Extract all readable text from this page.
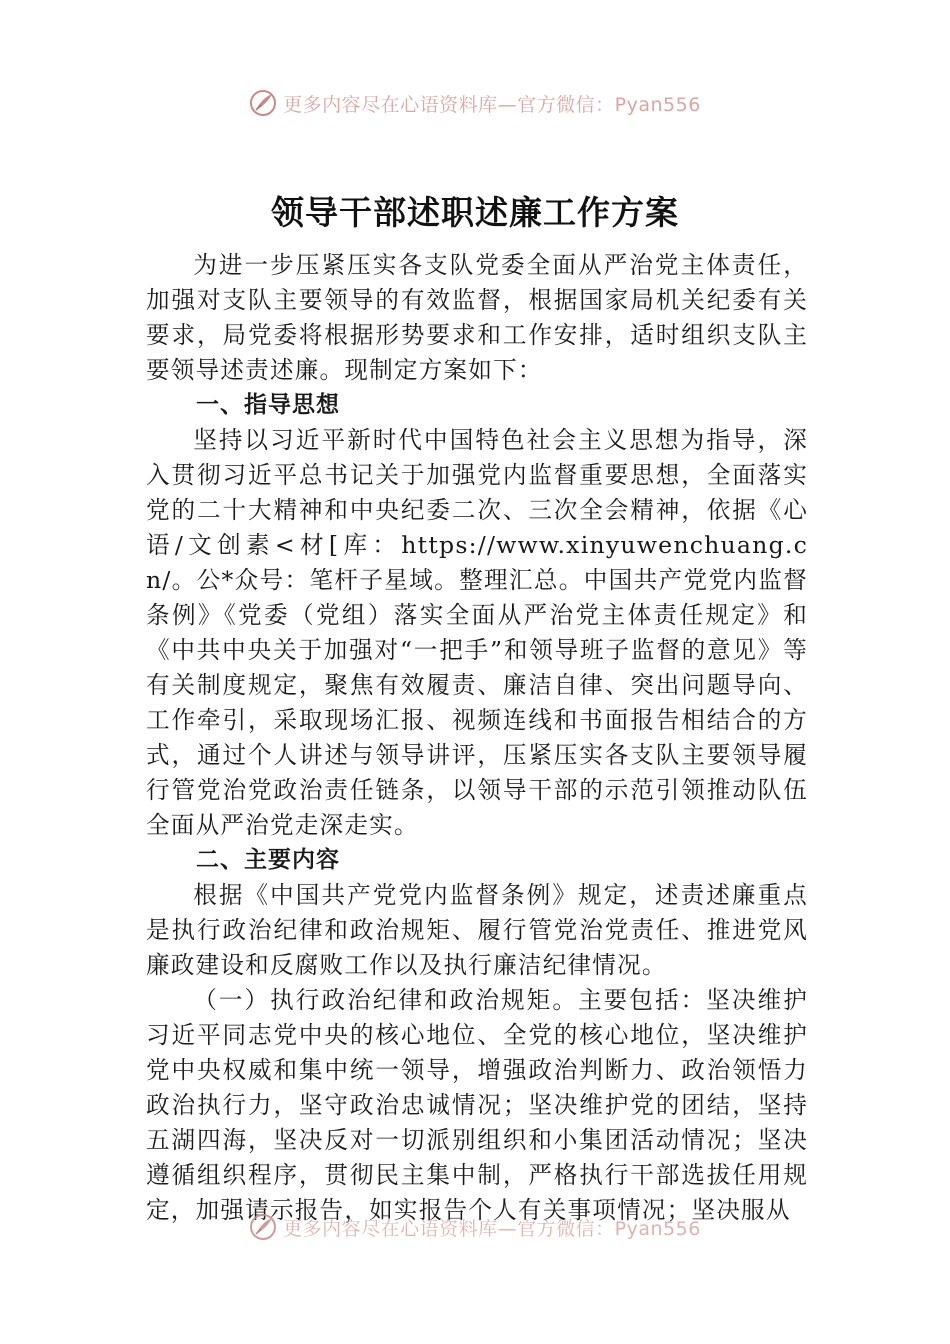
更多内容尽在心语资料库—官方微信：Pyan556
领导干部述职述廉工作方案

为进一步压紧压实各支队党委全面从严治党主体责任，加强对支队主要领导的有效监督，根据国家局机关纪委有关要求，局党委将根据形势要求和工作安排，适时组织支队主要领导述责述廉。现制定方案如下：

一、指导思想

坚持以习近平新时代中国特色社会主义思想为指导，深入贯彻习近平总书记关于加强党内监督重要思想，全面落实党的二十大精神和中央纪委二次、三次全会精神，依据《心语/文创素<材[库：https://www.xinyuwenchuang.cn/。公*众号：笔杆子星域。整理汇总。中国共产党党内监督条例》《党委（党组）落实全面从严治党主体责任规定》和《中共中央关于加强对“一把手”和领导班子监督的意见》等有关制度规定，聚焦有效履责、廉洁自律、突出问题导向、工作牵引，采取现场汇报、视频连线和书面报告相结合的方式，通过个人讲述与领导讲评，压紧压实各支队主要领导履行管党治党政治责任链条，以领导干部的示范引领推动队伍全面从严治党走深走实。

二、主要内容

根据《中国共产党党内监督条例》规定，述责述廉重点是执行政治纪律和政治规矩、履行管党治党责任、推进党风廉政建设和反腐败工作以及执行廉洁纪律情况。

（一）执行政治纪律和政治规矩。主要包括：坚决维护习近平同志党中央的核心地位、全党的核心地位，坚决维护党中央权威和集中统一领导，增强政治判断力、政治领悟力政治执行力，坚守政治忠诚情况；坚决维护党的团结，坚持五湖四海，坚决反对一切派别组织和小集团活动情况；坚决遵循组织程序，贯彻民主集中制，严格执行干部选拔任用规定，加强请示报告，如实报告个人有关事项情况；坚决服从

更多内容尽在心语资料库—官方微信：Pyan556
